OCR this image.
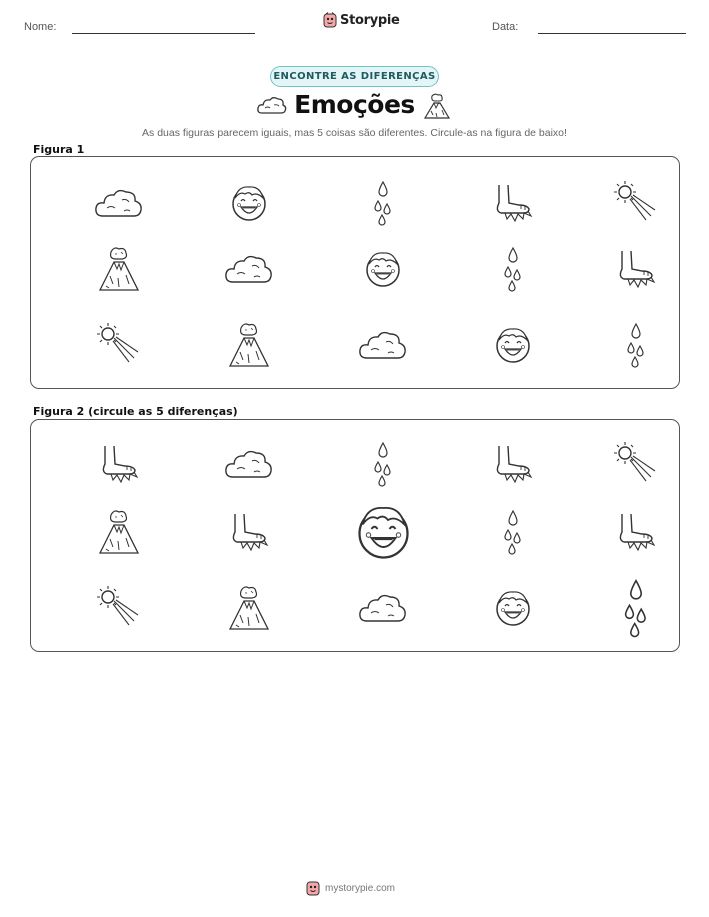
Nome:	Storypie	Data:
ENCONTRE AS DIFERENÇAS
Emoções
As duas figuras parecem iguais, mas 5 coisas são diferentes. Circule-as na figura de baixo!
Figura 1
Figura 2 (circule as 5 diferenças)
mystorypie.com
